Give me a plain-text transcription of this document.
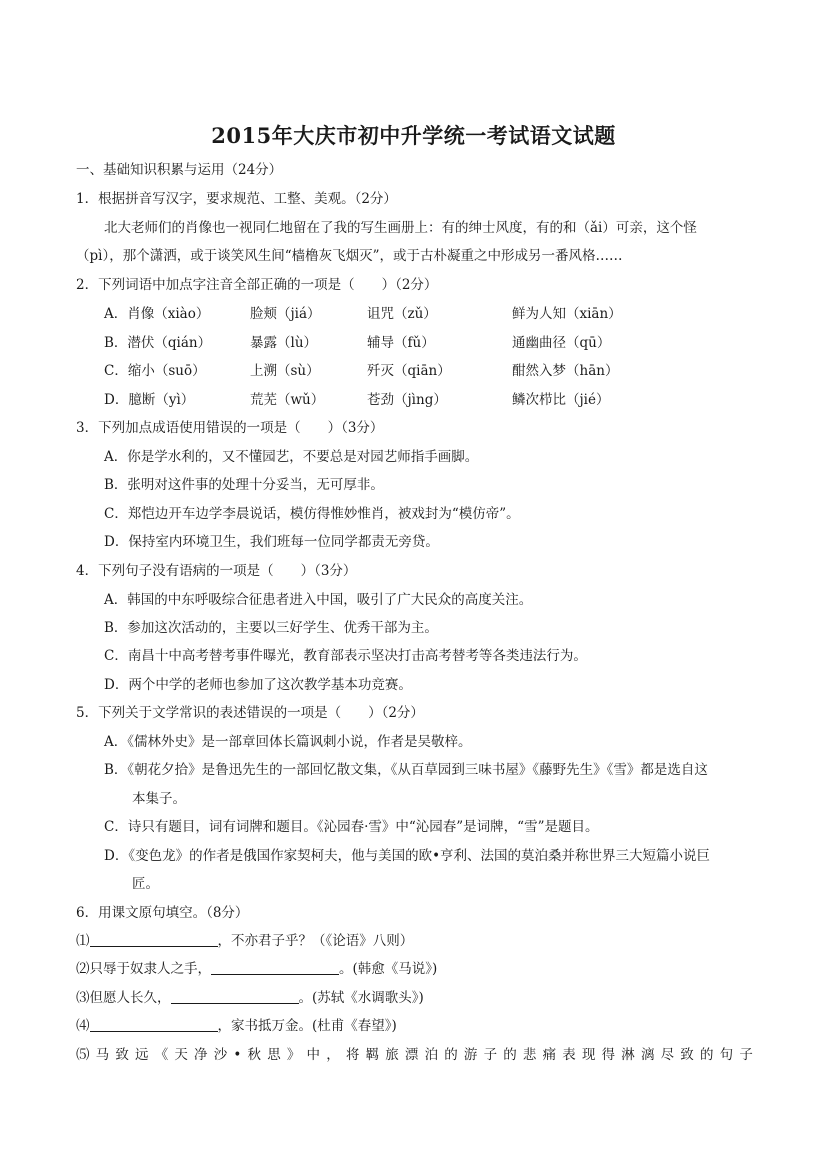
2015年大庆市初中升学统一考试语文试题
一、基础知识积累与运用（24分）
1．根据拼音写汉字，要求规范、工整、美观。（2分）
北大老师们的肖像也一视同仁地留在了我的写生画册上：有的绅士风度，有的和（ǎi）可亲，这个怪
（pì），那个潇洒，或于谈笑风生间“樯橹灰飞烟灭”，或于古朴凝重之中形成另一番风格……
2．下列词语中加点字注音全部正确的一项是（　　）（2分）
A．肖像（xiào）	脸颊（jiá）	诅咒（zǔ）	鲜为人知（xiān）
B．潜伏（qián）	暴露（lù）	辅导（fǔ）	通幽曲径（qū）
C．缩小（suō）	上溯（sù）	歼灭（qiān）	酣然入梦（hān）
D．臆断（yì）	荒芜（wǔ）	苍劲（jìng）	鳞次栉比（jié）
3．下列加点成语使用错误的一项是（　　）（3分）
A．你是学水利的，又不懂园艺，不要总是对园艺师指手画脚。
B．张明对这件事的处理十分妥当，无可厚非。
C．郑恺边开车边学李晨说话，模仿得惟妙惟肖，被戏封为“模仿帝”。
D．保持室内环境卫生，我们班每一位同学都责无旁贷。
4．下列句子没有语病的一项是（　　）（3分）
A．韩国的中东呼吸综合征患者进入中国，吸引了广大民众的高度关注。
B．参加这次活动的，主要以三好学生、优秀干部为主。
C．南昌十中高考替考事件曝光，教育部表示坚决打击高考替考等各类违法行为。
D．两个中学的老师也参加了这次教学基本功竞赛。
5．下列关于文学常识的表述错误的一项是（　　）（2分）
A．《儒林外史》是一部章回体长篇讽刺小说，作者是吴敬梓。
B．《朝花夕拾》是鲁迅先生的一部回忆散文集，《从百草园到三味书屋》《藤野先生》《雪》都是选自这
本集子。
C．诗只有题目，词有词牌和题目。《沁园春·雪》中“沁园春”是词牌，“雪”是题目。
D．《变色龙》的作者是俄国作家契柯夫，他与美国的欧•亨利、法国的莫泊桑并称世界三大短篇小说巨
匠。
6．用课文原句填空。（8分）
⑴	，不亦君子乎？（《论语》八则）
⑵只辱于奴隶人之手，	。(韩愈《马说》)
⑶但愿人长久，	。(苏轼《水调歌头》)
⑷	，家书抵万金。(杜甫《春望》)
⑸ 马 致 远 《 天 净 沙 • 秋 思 》 中 ， 将 羁 旅 漂 泊 的 游 子 的 悲 痛 表 现 得 淋 漓 尽 致 的 句 子
